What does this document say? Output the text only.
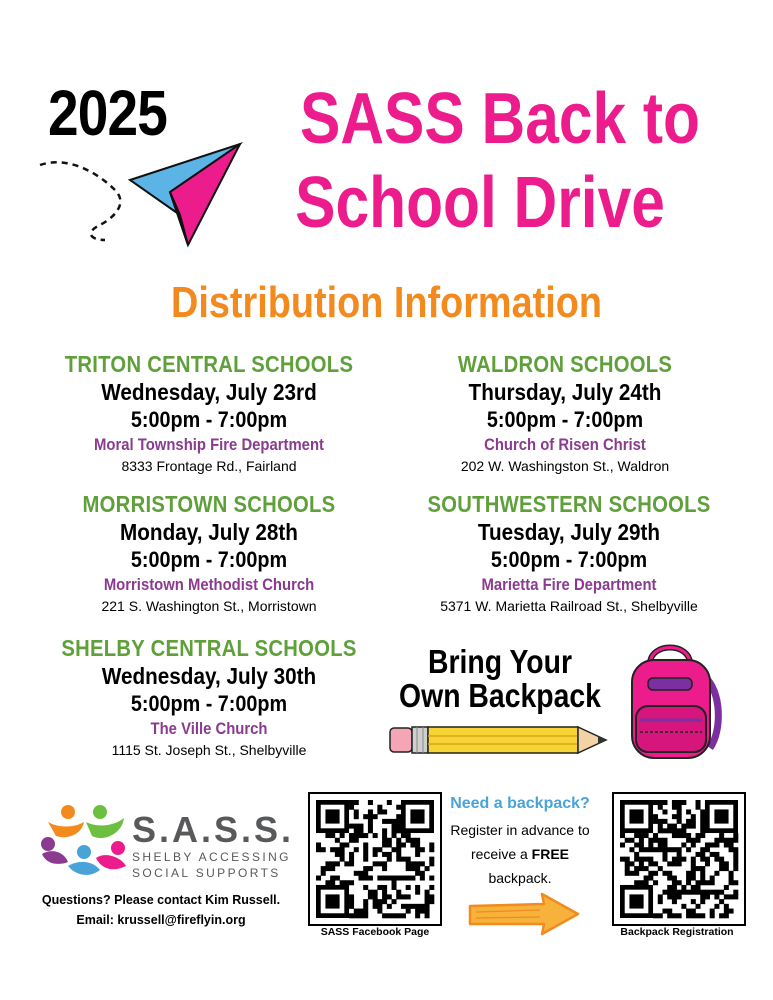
2025	SASS Back to
School Drive
Distribution Information
TRITON CENTRAL SCHOOLS
Wednesday, July 23rd
5:00pm - 7:00pm
Moral Township Fire Department
8333 Frontage Rd., Fairland
WALDRON SCHOOLS
Thursday, July 24th
5:00pm - 7:00pm
Church of Risen Christ
202 W. Washingston St., Waldron
MORRISTOWN SCHOOLS
Monday, July 28th
5:00pm - 7:00pm
Morristown Methodist Church
221 S. Washington St., Morristown
SOUTHWESTERN SCHOOLS
Tuesday, July 29th
5:00pm - 7:00pm
Marietta Fire Department
5371 W. Marietta Railroad St., Shelbyville
SHELBY CENTRAL SCHOOLS
Wednesday, July 30th
5:00pm - 7:00pm
The Ville Church
1115 St. Joseph St., Shelbyville
Bring Your
Own Backpack
S.A.S.S.
SHELBY ACCESSING
SOCIAL SUPPORTS
Questions? Please contact Kim Russell.
Email: krussell@fireflyin.org
SASS Facebook Page	Backpack Registration
Need a backpack?
Register in advance to
receive a FREE
backpack.
